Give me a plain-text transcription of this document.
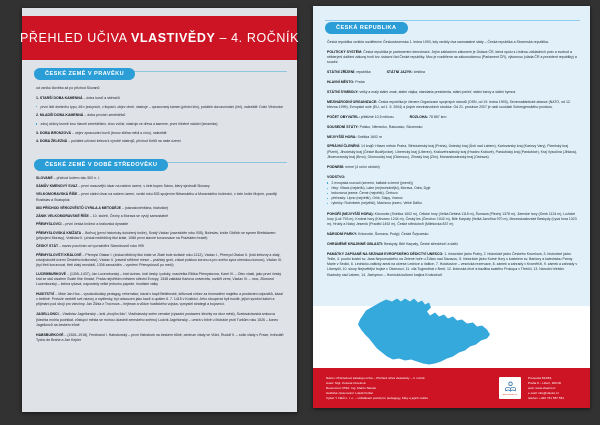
PŘEHLED UČIVA VLASTIVĚDY – 4. ROČNÍK
ČESKÉ ZEMĚ V PRAVĚKU
od vzniku člověka až po příchod Slovanů
1. STARŠÍ DOBA KAMENNÁ – doba lovců a sběračů
první lidé dnešního typu, žili v jeskyních, v tlupách, objev ohně, nástroje – opracovaný kámen (pěstní klín), počátek dorozumívání (řeč), naleziště: Dolní Věstonice
2. MLADŠÍ DOBA KAMENNÁ – doba prvních zemědělců
zdroj obživy kromě lovu hlavně zemědělství, chov zvířat, nástroje ze dřeva a kamene, první hliněné nádobí (keramika)
3. DOBA BRONZOVÁ – objev zpracování kovů (bronz slitina mědi a cínu), naleziště
4. DOBA ŽELEZNÁ – počátek užívání železa k výrobě nástrojů, příchod Keltů na naše území
ČESKÉ ZEMĚ V DOBĚ STŘEDOVĚKU
SLOVANÉ – příchod kolem roku 500 n. l.
SÁMŮV KMENOVÝ SVAZ – první masovější útvar na našem území, v čele kupec Sámo, který sjednotil Slovany
VELKOMORAVSKÁ ŘÍŠE – první státní útvar na našem území, vznikl roku 833 spojením Nitranského a Moravského knížectví, v čele kníže Mojmír, později Rostislav a Svatopluk
863 PŘÍCHOD VĚROZVĚSTŮ CYRILA A METODĚJE – (staroslověnština, hlaholice)
ZÁNIK VELKOMORAVSKÉ ŘÍŠE – 10. století, Čechy a Morava se vyvíjí samostatně
PŘEMYSLOVCI – první česká knížecí a královská dynastie
PŘEMYSLOVSKÁ KNÍŽATA – Bořivoj (první historicky doložený kníže), Svatý Václav (zavražděn roku 935), Boleslav, kníže Oldřich se synem Břetislavem (připojení Moravy), Vratislav II. (získal nedědičný titul krále, 1086 první slavné korunovace na Pražském hradě)
ČESKÝ STÁT – nazev používán od vyvraždění Slavníkovců roku 995
PŘEMYSLOVŠTÍ KRÁLOVÉ – Přemysl Otakar I. (získal dědičný titul krále ve Zlaté bule sicilské roku 1212), Václav I., Přemysl Otakar II. (král železný a zlatý, zdvojnásobil území Českého království), Václav II. (zavedl stříbrné mince – pražský groš, získal polskou korunu a pro svého syna uherskou korunu), Václav III. (byl třetí korunovat, třetí zlatý nezvládl, 1306 zavražděn – vymření Přemyslovců po meči)
LUCEMBURKOVÉ – (1306–1437), Jan Lucemburský – král cizinec, král český i polský, manželka Eliška Přemyslovna, Karel IV. – Otec vlasti, jako první český král se stal císařem Svaté říše římské, Praha největším městem střední Evropy, 1348 zakládá Karlova univerzita, rozšířil zemi, Václav IV. – moc, Zikmund Lucemburský – šelma ryšavá, naposledy velké jednoho papeže, husitské války
HUSITSTVÍ – Mistr Jan Hus – vysokoškolský pedagog, reformátor, kázal v kapli Betlémské, kritizoval církev za hromadění majetku a prodávání odpustků, kázal v češtině. Protože nechtěl své názory a myšlenky, byl odsouzen jako kacíř a upálen 6. 7. 1415 v Kostnici. Jeho stoupenci byli husité, jejich symbol kalich a přijímání pod obojí pro všechny. Jan Žižka z Trocnova – hejtman a vůdce husitského vojska, vymyslel strategii a bojovníci.
JAGELLONCI – Vladislav Jagellonský – král „dvojího lidu“, Vladislavský sněm zemské (výsadní postavení šlechty na úkor měst), Svatováclavská smlouva (šlechta mohla podnikat, zůstupci města se mohou účastnit zemského sněmu) Ludvík Jagellonský – umírá v bitvě u Moháče proti Turkům roku 1526 – konec Jagellonců na českém trůně
HABSBURKOVÉ – (1526–1918), Ferdinand I. Habsburský – první Habsburk na českém trůně, centrum vlády ve Vídni, Rudolf II. – sídlo vlády v Praze, hvězdáři Tycho de Brahe a Jan Kepler
ČESKÁ REPUBLIKA

Česká republika vznikla rozdělením Československa 1. ledna 1993, kdy vznikly dva samostatné státy – Česká republika a Slovenská republika.

POLITICKÝ SYSTÉM: Česká republika je parlamentní demokracií. Jejím základním zákonem je Ústava ČR, která spolu s Listinou základních práv a svobod a některými dalšími zákony tvoří tzv. ústavní řád České republiky. Moc je rozdělena na zákonodárnou (Parlament ČR), výkonnou (vláda ČR a prezident republiky) a soudní.

STÁTNÍ ZŘÍZENÍ: republika	STÁTNÍ JAZYK: čeština

HLAVNÍ MĚSTO: Praha

STÁTNÍ SYMBOLY: velký a malý státní znak, státní vlajka, standarta prezidenta, státní pečeť, státní barvy a státní hymna

MEZINÁRODNÍ ORGANIZACE: Česká republika je členem Organizace spojených národů (OSN, od 19. ledna 1993), Severoatlantické aliance (NATO, od 12. března 1999), Evropské unie (EU, od 1. 5. 2004) a jiných mezinárodních struktur. Od 21. prosince 2007 je naší součástí Schengenského prostoru.

POČET OBYVATEL: přibližně 10,5 milionu	ROZLOHA: 78 867 km²

SOUSEDNÍ STÁTY: Polsko, Německo, Rakousko, Slovensko

NEJVYŠŠÍ HORA: Sněžka 1602 m

SPRÁVNÍ ČLENĚNÍ: 14 krajů: Hlavní město Praha, Středočeský kraj (Praha), Ústecký kraj (Ústí nad Labem), Karlovarský kraj (Karlovy Vary), Plzeňský kraj (Plzeň), Jihočeský kraj (České Budějovice), Liberecký kraj (Liberec), Královéhradecký kraj (Hradec Králové), Pardubický kraj (Pardubice), Kraj Vysočina (Jihlava), Jihomoravský kraj (Brno), Olomoucký kraj (Olomouc), Zlínský kraj (Zlín), Moravskoslezský kraj (Ostrava)

PODNEBÍ: mírné (4 roční období)

VODSTVO:

2 evropská rozvodí (severní, baltské a černé (jmeně))
řeky: Vltava (nejdelší), Labe (nejmohutnější), Morava, Odra, Dyje
ledovcová jezera: Černé (největší), Čertovo
přehrady: Lipno (největší), Orlík, Slapy, Vranov
rybníky: Rožmberk (největší), Máchovo jezero, Velké Dářko

POHOŘÍ (NEJVYŠŠÍ HORA): Krkonoše (Sněžka 1602 m), Orlické hory (Velká Deštná 1115 m), Šumava (Plechý 1378 m), Jizerské hory (Smrk 1124 m), Lužické hory (Luž 793 m), Krušné hory (Klínovec 1244 m), Český les (Čerchov 1042 m), Bílé Karpaty (Velká Javořina 970 m), Moravskoslezské Beskydy (Lysá hora 1323 m), Hrubý a Nízký Jeseník (Praděd 1492 m), České středohoří (Milešovka 837 m)

NÁRODNÍ PARKY: Krkonoše, Šumava, Podyjí, České Švýcarsko

CHRÁNĚNÉ KRAJINNÉ OBLASTI: Beskydy, Bílé Karpaty, České středohoří a další

PAMÁTKY ZAPSANÉ NA SEZNAM EVROPSKÉHO DĚDICTVÍ UNESCO: 1. historické jádro Prahy, 2. historické jádro Českého Krumlova, 3. historické jádro Telče, 4. poutní kostel sv. Jana Nepomuckého na Zelené hoře u Žďáru nad Sázavou, 5. historické jádro Kutné Hory s kostelem sv. Barbory a katedrálou Panny Marie v Sedlci, 6. Lednicko-valtický areál na okrese Lednice a Valtice, 7. Holašovice – vesnická rezervace, 8. zámek a zahrady v Kroměříži, 9. zámek a zahrady v Litomyšli, 10. sloup Nejsvětější trojice v Olomouci, 11. vila Tugendhat v Brně, 12. židovská čtvrť a bazilika svatého Prokopa v Třebíči, 13. Národní hřebčín Kladruby nad Labem, 14. Jáchymov – Hornická kulturní krajina Krušnohoří

Název: Přehledové katalogu učiva – Přehled učiva vlastivědy – 4. ročník
Autor: Mgr. Zuzana Omelová
Recenzent: PhDr. Ing. Martin Slanek
Grafické zpracování: Lukáš Knittel
Vydal: Y žáků s. r. o. – vzdělávací portál pro pedagogy, žáky a jejich rodiče
www.vlastni.cz
Prosecká 524/54,
Praha 8 – Libeň, 180 00
web: www.vlastni.cz
e-mail: info@vlastni.cz
telefon: +420 731 557 551
